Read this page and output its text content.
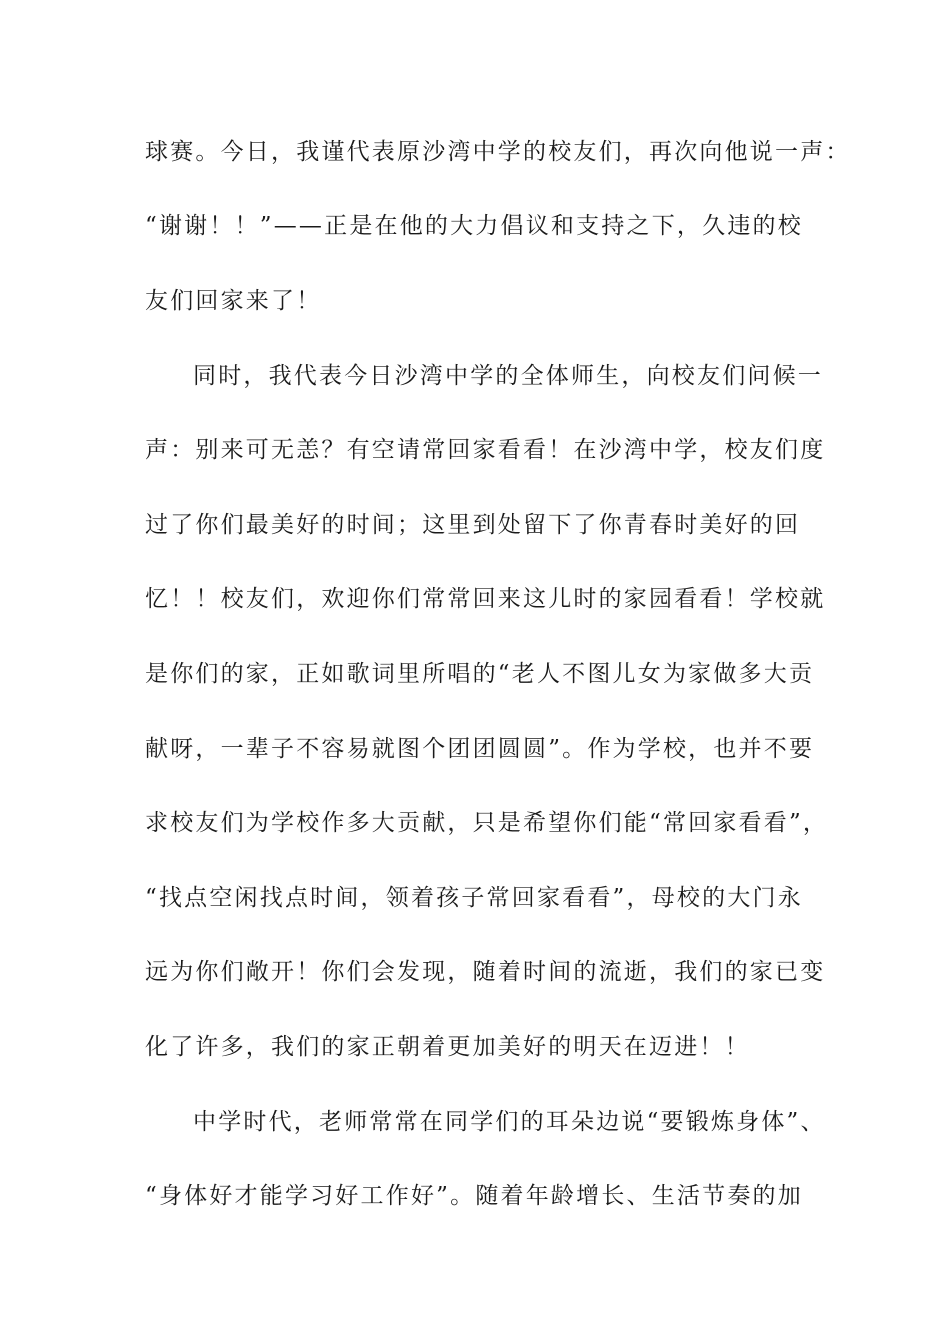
球赛。今日，我谨代表原沙湾中学的校友们，再次向他说一声：
“谢谢！！”——正是在他的大力倡议和支持之下，久违的校
友们回家来了！
同时，我代表今日沙湾中学的全体师生，向校友们问候一
声：别来可无恙？有空请常回家看看！在沙湾中学，校友们度
过了你们最美好的时间；这里到处留下了你青春时美好的回
忆！！校友们，欢迎你们常常回来这儿时的家园看看！学校就
是你们的家，正如歌词里所唱的“老人不图儿女为家做多大贡
献呀，一辈子不容易就图个团团圆圆”。作为学校，也并不要
求校友们为学校作多大贡献，只是希望你们能“常回家看看”，
“找点空闲找点时间，领着孩子常回家看看”，母校的大门永
远为你们敞开！你们会发现，随着时间的流逝，我们的家已变
化了许多，我们的家正朝着更加美好的明天在迈进！！
中学时代，老师常常在同学们的耳朵边说“要锻炼身体”、
“身体好才能学习好工作好”。随着年龄增长、生活节奏的加
